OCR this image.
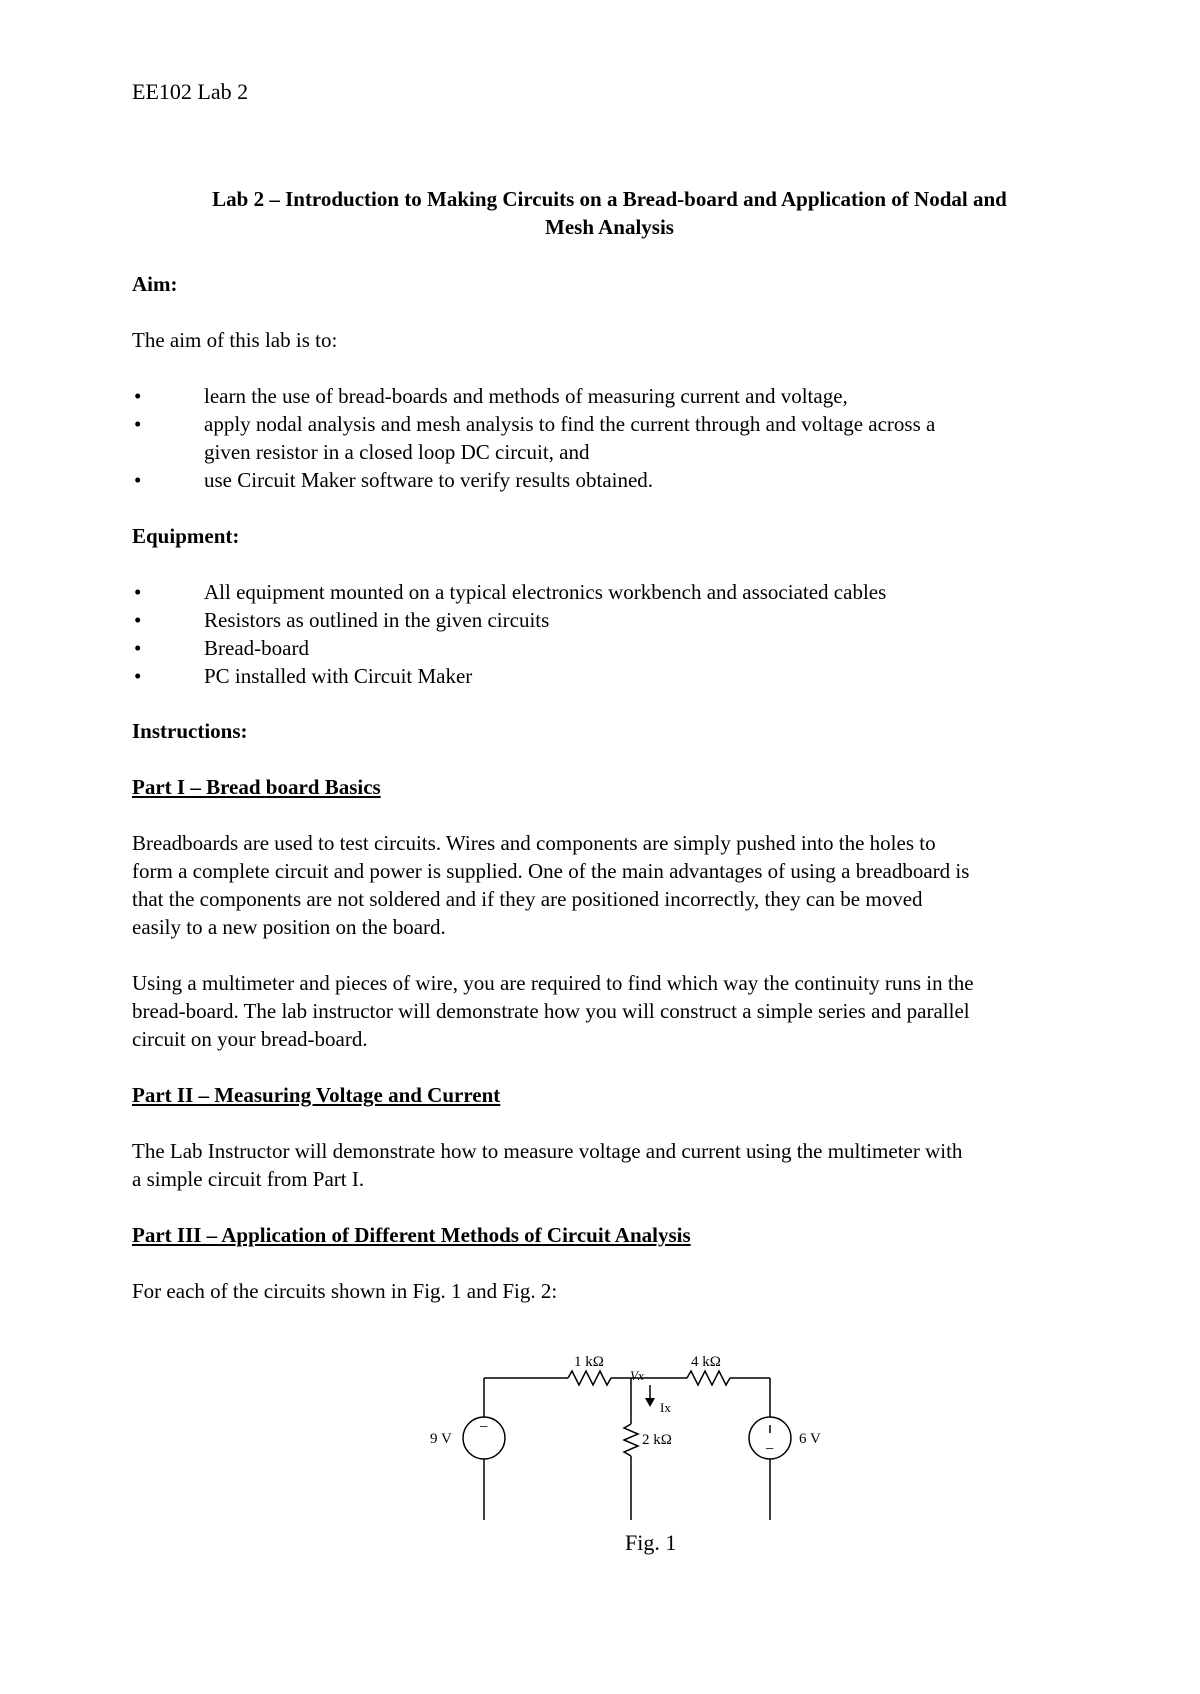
EE102 Lab 2
Lab 2 – Introduction to Making Circuits on a Bread-board and Application of Nodal and
Mesh Analysis
Aim:
The aim of this lab is to:
•	learn the use of bread-boards and methods of measuring current and voltage,
•	apply nodal analysis and mesh analysis to find the current through and voltage across a
given resistor in a closed loop DC circuit, and
•	use Circuit Maker software to verify results obtained.
Equipment:
•	All equipment mounted on a typical electronics workbench and associated cables
•	Resistors as outlined in the given circuits
•	Bread-board
•	PC installed with Circuit Maker
Instructions:
Part I – Bread board Basics
Breadboards are used to test circuits. Wires and components are simply pushed into the holes to
form a complete circuit and power is supplied. One of the main advantages of using a breadboard is
that the components are not soldered and if they are positioned incorrectly, they can be moved
easily to a new position on the board.
Using a multimeter and pieces of wire, you are required to find which way the continuity runs in the
bread-board. The lab instructor will demonstrate how you will construct a simple series and parallel
circuit on your bread-board.
Part II – Measuring Voltage and Current
The Lab Instructor will demonstrate how to measure voltage and current using the multimeter with
a simple circuit from Part I.
Part III – Application of Different Methods of Circuit Analysis
For each of the circuits shown in Fig. 1 and Fig. 2:
1 kΩ	4 kΩ
Vx
Ix
2 kΩ
9 V	6 V
−
−
Fig. 1
